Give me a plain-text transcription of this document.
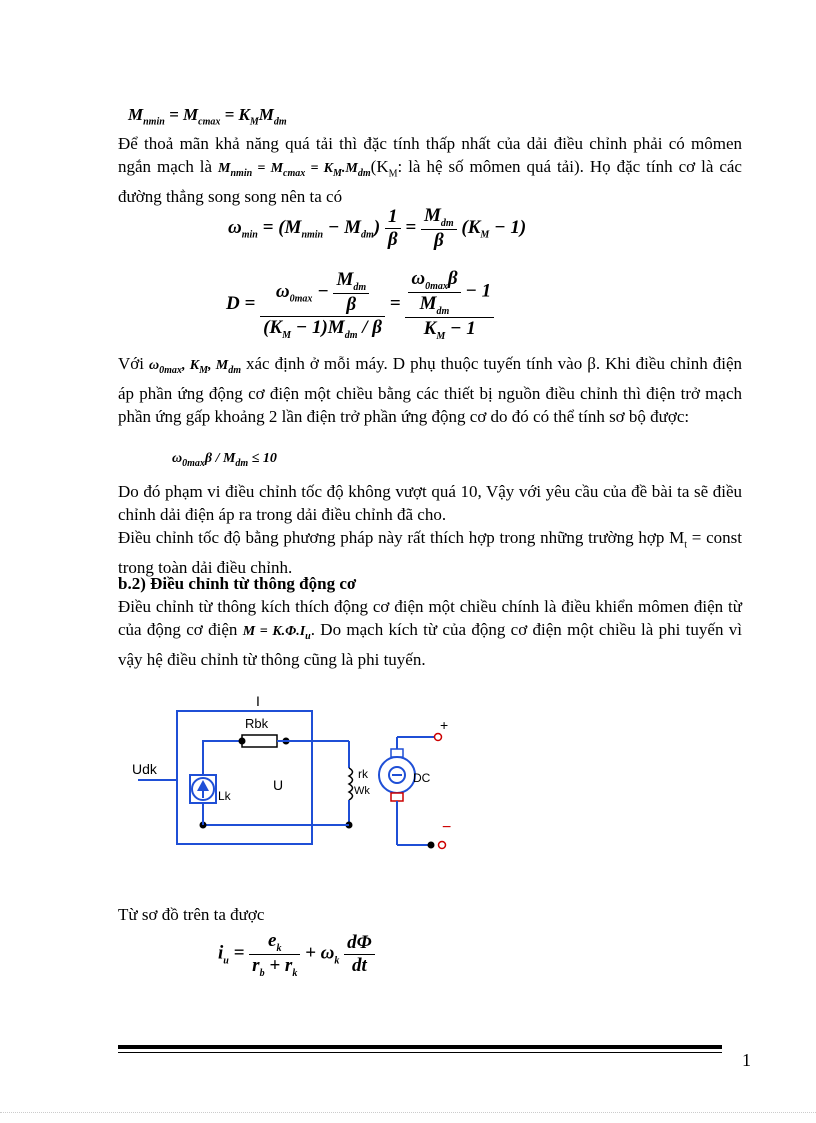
$M_{nmin} = M_{cmax} = K_MM_{dm}$

Để thoả mãn khả năng quá tải thì đặc tính thấp nhất của dải điều chỉnh phải có mômen ngắn mạch là $M_{nmin} = M_{cmax} = K_M.M_{dm}(K_M$: là hệ số mômen quá tải). Họ đặc tính cơ là các đường thẳng song song nên ta có

$\omega_{min} = (M_{nmin} - M_{dm}) \frac{1}{\beta} = \frac{M_{dm}}{\beta} (K_M - 1)$
$D = \frac{\omega_{0max} - \frac{M_{dm}}{\beta}}{(K_M - 1)M_{dm} / \beta} = \frac{\frac{\omega_{0max}\beta}{M_{dm}} - 1}{K_M - 1}$

Với $\omega_{0max}$, $K_M$, $M_{dm}$ xác định ở mỗi máy. D phụ thuộc tuyến tính vào β. Khi điều chỉnh điện áp phần ứng động cơ điện một chiều bằng các thiết bị nguồn điều chỉnh thì điện trở mạch phần ứng gấp khoảng 2 lần điện trở phần ứng động cơ do đó có thể tính sơ bộ được:

$\omega_{0max}\beta / M_{dm} \le 10$

Do đó phạm vi điều chỉnh tốc độ không vượt quá 10, Vậy với yêu cầu của đề bài ta sẽ điều chỉnh dải điện áp ra trong dải điều chỉnh đã cho.

Điều chỉnh tốc độ bằng phương pháp này rất thích hợp trong những trường hợp $M_t$ = const trong toàn dải điều chỉnh.

b.2) Điều chỉnh từ thông động cơ

Điều chỉnh từ thông kích thích động cơ điện một chiều chính là điều khiển mômen điện từ của động cơ điện $M = K.\Phi.I_u$. Do mạch kích từ của động cơ điện một chiều là phi tuyến vì vậy hệ điều chỉnh từ thông cũng là phi tuyến.

Udk
I
Rbk
Lk
U
rk
Wk
+
DC
−

Từ sơ đồ trên ta được

$i_u = \frac{e_k}{r_b + r_k} + \omega_k \frac{d\Phi}{dt}$
1
